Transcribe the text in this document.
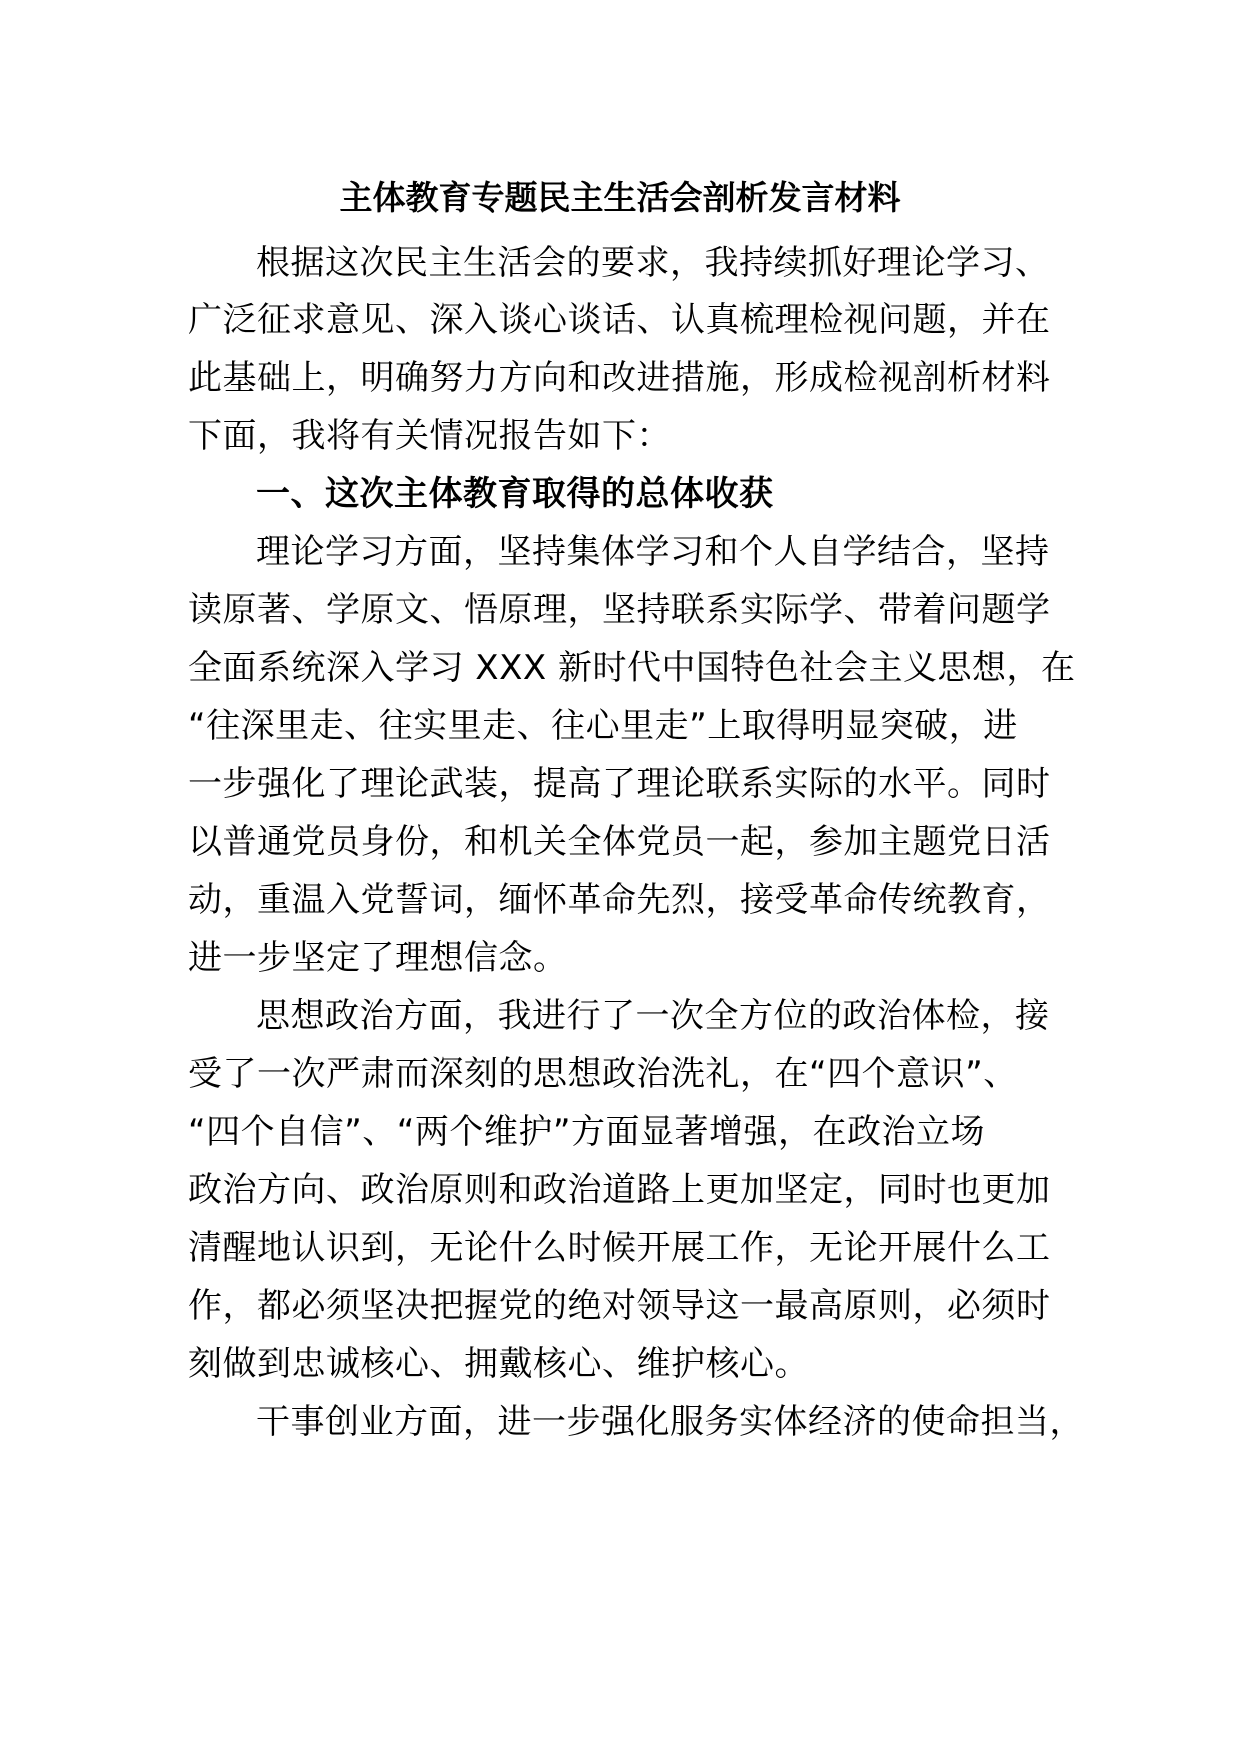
主体教育专题民主生活会剖析发言材料
根据这次民主生活会的要求，我持续抓好理论学习、
广泛征求意见、深入谈心谈话、认真梳理检视问题，并在
此基础上，明确努力方向和改进措施，形成检视剖析材料
下面，我将有关情况报告如下：
一、这次主体教育取得的总体收获
理论学习方面，坚持集体学习和个人自学结合，坚持
读原著、学原文、悟原理，坚持联系实际学、带着问题学
全面系统深入学习 XXX 新时代中国特色社会主义思想，在
“往深里走、往实里走、往心里走”上取得明显突破，进
一步强化了理论武装，提高了理论联系实际的水平。同时
以普通党员身份，和机关全体党员一起，参加主题党日活
动，重温入党誓词，缅怀革命先烈，接受革命传统教育，
进一步坚定了理想信念。
思想政治方面，我进行了一次全方位的政治体检，接
受了一次严肃而深刻的思想政治洗礼，在“四个意识”、
“四个自信”、“两个维护”方面显著增强，在政治立场
政治方向、政治原则和政治道路上更加坚定，同时也更加
清醒地认识到，无论什么时候开展工作，无论开展什么工
作，都必须坚决把握党的绝对领导这一最高原则，必须时
刻做到忠诚核心、拥戴核心、维护核心。
干事创业方面，进一步强化服务实体经济的使命担当，
